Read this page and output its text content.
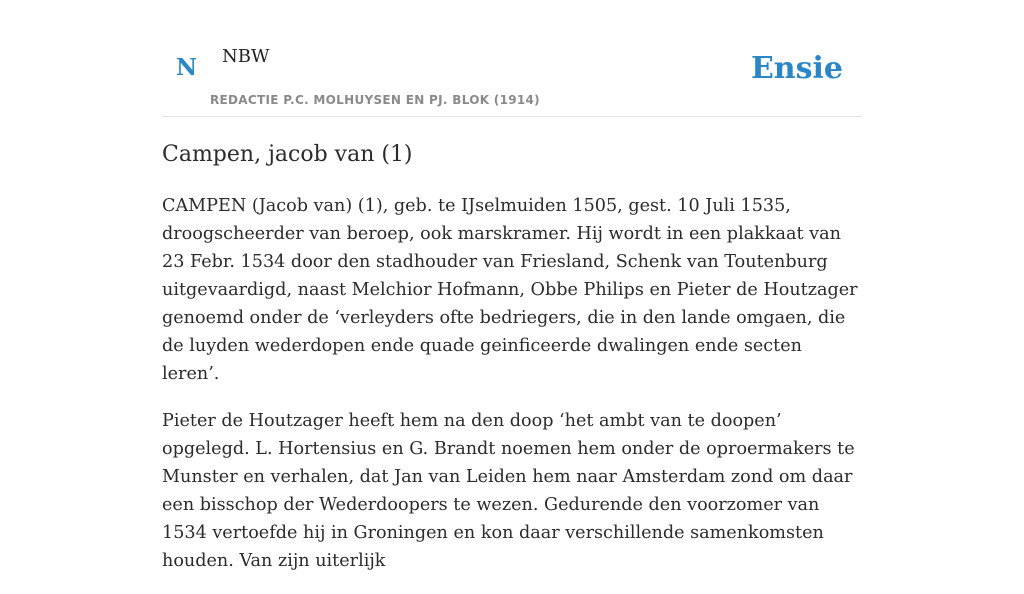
N NBW
REDACTIE P.C. MOLHUYSEN EN PJ. BLOK (1914)
Ensie
Campen, jacob van (1)

CAMPEN (Jacob van) (1), geb. te IJselmuiden 1505, gest. 10 Juli 1535, droogscheerder van beroep, ook marskramer. Hij wordt in een plakkaat van 23 Febr. 1534 door den stadhouder van Friesland, Schenk van Toutenburg uitgevaardigd, naast Melchior Hofmann, Obbe Philips en Pieter de Houtzager genoemd onder de ‘verleyders ofte bedriegers, die in den lande omgaen, die de luyden wederdopen ende quade geinficeerde dwalingen ende secten leren’.

Pieter de Houtzager heeft hem na den doop ‘het ambt van te doopen’ opgelegd. L. Hortensius en G. Brandt noemen hem onder de oproermakers te Munster en verhalen, dat Jan van Leiden hem naar Amsterdam zond om daar een bisschop der Wederdoopers te wezen. Gedurende den voorzomer van 1534 vertoefde hij in Groningen en kon daar verschillende samenkomsten houden. Van zijn uiterlijk
